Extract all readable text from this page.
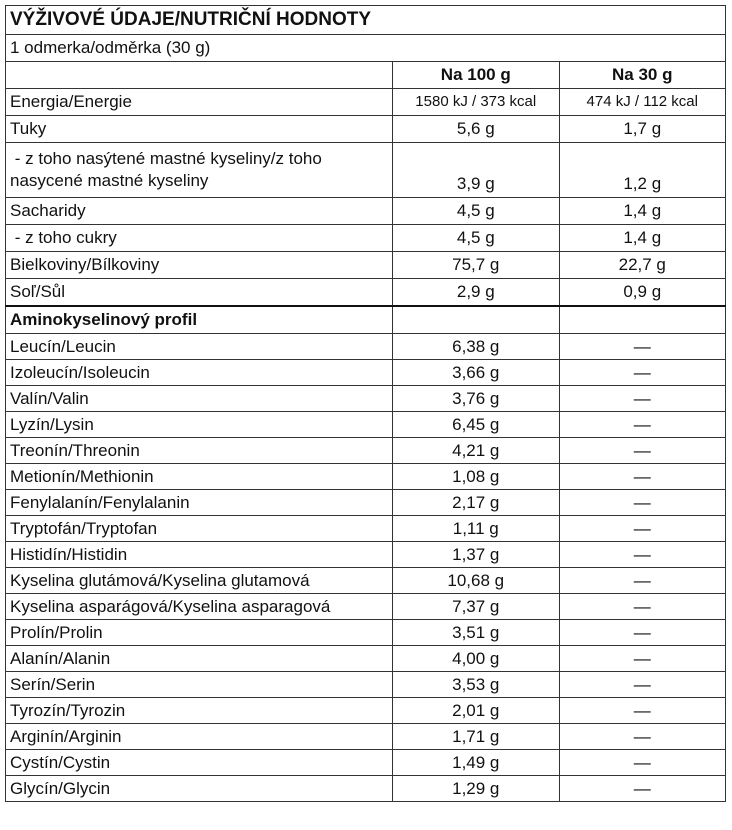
VÝŽIVOVÉ ÚDAJE/NUTRIČNÍ HODNOTY		
1 odmerka/odměrka (30 g)		
	Na 100 g	Na 30 g
Energia/Energie	1580 kJ / 373 kcal	474 kJ / 112 kcal
Tuky	5,6 g	1,7 g
- z toho nasýtené mastné kyseliny/z toho nasycené mastné kyseliny	3,9 g	1,2 g
Sacharidy	4,5 g	1,4 g
- z toho cukry	4,5 g	1,4 g
Bielkoviny/Bílkoviny	75,7 g	22,7 g
Soľ/Sůl	2,9 g	0,9 g
Aminokyselinový profil		
Leucín/Leucin	6,38 g	—
Izoleucín/Isoleucin	3,66 g	—
Valín/Valin	3,76 g	—
Lyzín/Lysin	6,45 g	—
Treonín/Threonin	4,21 g	—
Metionín/Methionin	1,08 g	—
Fenylalanín/Fenylalanin	2,17 g	—
Tryptofán/Tryptofan	1,11 g	—
Histidín/Histidin	1,37 g	—
Kyselina glutámová/Kyselina glutamová	10,68 g	—
Kyselina asparágová/Kyselina asparagová	7,37 g	—
Prolín/Prolin	3,51 g	—
Alanín/Alanin	4,00 g	—
Serín/Serin	3,53 g	—
Tyrozín/Tyrozin	2,01 g	—
Arginín/Arginin	1,71 g	—
Cystín/Cystin	1,49 g	—
Glycín/Glycin	1,29 g	—
